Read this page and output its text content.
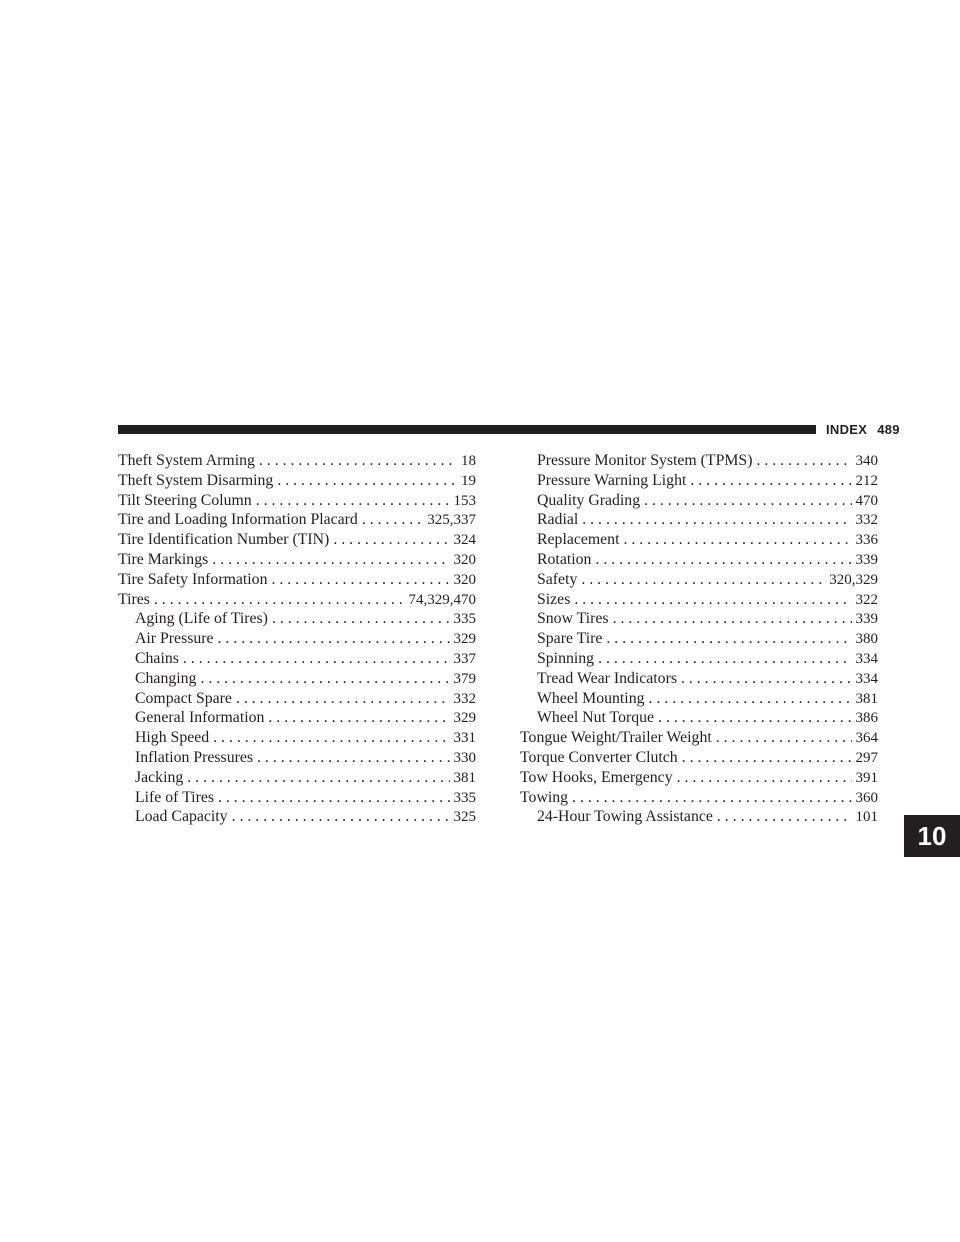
INDEX 489
Theft System Arming . . .	18
Theft System Disarming . . .	19
Tilt Steering Column . . .	153
Tire and Loading Information Placard . . .	325,337
Tire Identification Number (TIN) . . .	324
Tire Markings . . .	320
Tire Safety Information . . .	320
Tires . . .	74,329,470
Aging (Life of Tires) . . .	335
Air Pressure . . .	329
Chains . . .	337
Changing . . .	379
Compact Spare . . .	332
General Information . . .	329
High Speed . . .	331
Inflation Pressures . . .	330
Jacking . . .	381
Life of Tires . . .	335
Load Capacity . . .	325
Pressure Monitor System (TPMS) . . .	340
Pressure Warning Light . . .	212
Quality Grading . . .	470
Radial . . .	332
Replacement . . .	336
Rotation . . .	339
Safety . . .	320,329
Sizes . . .	322
Snow Tires . . .	339
Spare Tire . . .	380
Spinning . . .	334
Tread Wear Indicators . . .	334
Wheel Mounting . . .	381
Wheel Nut Torque . . .	386
Tongue Weight/Trailer Weight . . .	364
Torque Converter Clutch . . .	297
Tow Hooks, Emergency . . .	391
Towing . . .	360
24-Hour Towing Assistance . . .	101
10
